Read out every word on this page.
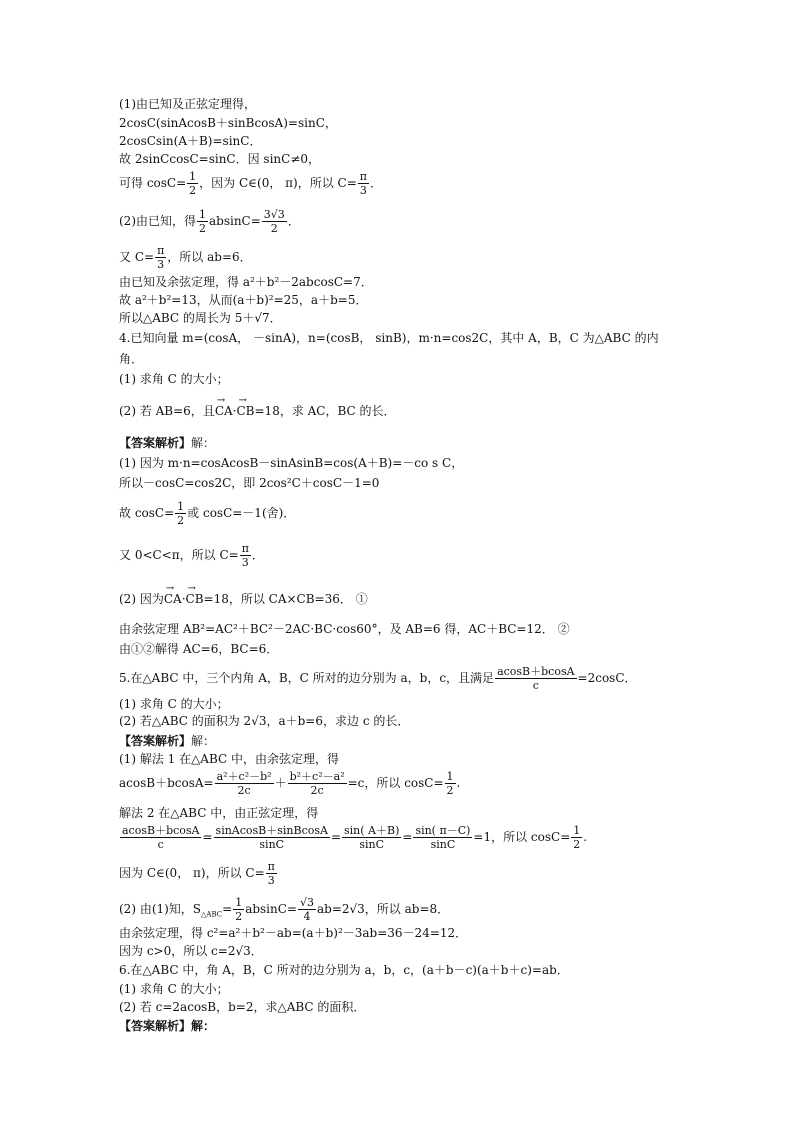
(1)由已知及正弦定理得，
2cosC(sinAcosB＋sinBcosA)=sinC，
2cosCsin(A＋B)=sinC．
故 2sinCcosC=sinC．因 sinC≠0，
可得 $\cos C= \frac{1}{2}$ ，因为 C∈(0， π)，所以 $C= \frac{\pi}{3}$ ．
(2)由已知，得 $\frac{1}{2} absinC= \frac{3√3}{2}$ ．
又 $C= \frac{\pi}{3}$ ，所以 ab=6．
由已知及余弦定理，得 a²＋b²－2abcosC=7．
故 a²＋b²=13，从而(a＋b)²=25，a＋b=5．
所以△ABC 的周长为 5＋√7．
4.已知向量 m=(cosA， －sinA)，n=(cosB， sinB)，m·n=cos2C，其中 A，B，C 为△ABC 的内
角．
(1) 求角 C 的大小；
(2) 若 AB=6，且→ CA·→ CB=18，求 AC，BC 的长．
【答案解析】解：
(1) 因为 m·n=cosAcosB－sinAsinB=cos(A＋B)=－co s C，
所以－cosC=cos2C，即 2cos²C＋cosC－1=0
故 $\cos C= \frac{1}{2}$ 或 cosC=－1(舍)．
又 0<C<π，所以 $C= \frac{\pi}{3}$ ．
(2) 因为→ CA·→ CB=18，所以 CA×CB=36． ①
由余弦定理 AB²=AC²＋BC²－2AC·BC·cos60°，及 AB=6 得，AC＋BC=12． ②
由①②解得 AC=6，BC=6．
5.在△ABC 中，三个内角 A，B，C 所对的边分别为 a，b，c，且满足 $\frac{acosB+bcosA}{c} =2\cos C$．
(1) 求角 C 的大小；
(2) 若△ABC 的面积为 2√3，a＋b=6，求边 c 的长．
【答案解析】解：
(1) 解法 1 在△ABC 中，由余弦定理，得
$acosB+bcosA= \frac{\text{a²＋c²－b²}}{2c} + \frac{\text{b²＋c²－a²}}{2c} =c$，所以 $\cos C= \frac{1}{2}$ .
解法 2 在△ABC 中，由正弦定理，得
$\frac{acosB+bcosA}{c} = \frac{\text{sinAcosB＋sinBcosA}}{\sin C} = \frac{\sin( A+B)}{\sin C} = \frac{\sin( \pi-C)}{\sin C} =1$，所以 $\cos C= \frac{1}{2}$ .
因为 C∈(0， π)，所以 $C= \frac{\pi}{3}$
(2) 由(1)知，$S_{\triangle ABC}= \frac{1}{2} absinC= \frac{√3}{4} ab=2√3$，所以 ab=8．
由余弦定理，得 c²=a²＋b²－ab=(a＋b)²－3ab=36－24=12．
因为 c>0，所以 c=2√3．
6.在△ABC 中，角 A，B，C 所对的边分别为 a，b，c，(a＋b－c)(a＋b＋c)=ab．
(1) 求角 C 的大小；
(2) 若 c=2acosB，b=2，求△ABC 的面积．
【答案解析】解：
